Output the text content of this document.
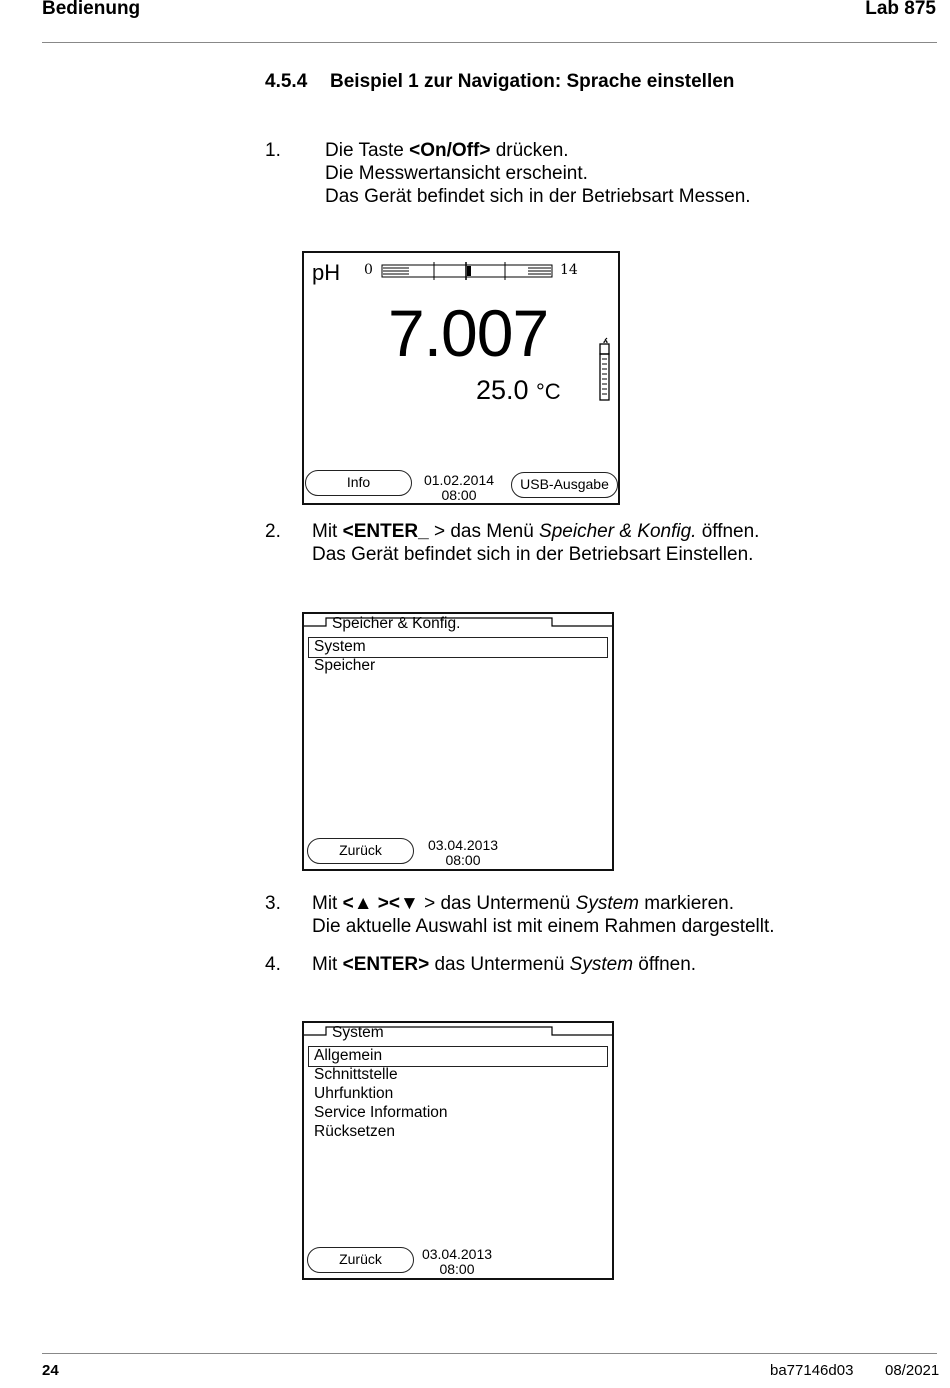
Bedienung	Lab 875
4.5.4 Beispiel 1 zur Navigation: Sprache einstellen
1. Die Taste <On/Off> drücken.
Die Messwertansicht erscheint.
Das Gerät befindet sich in der Betriebsart Messen.
pH 0	14
7.007
25.0 °C
Info	01.02.2014
08:00
USB-Ausgabe
2. Mit <ENTER_ > das Menü Speicher & Konfig. öffnen.
Das Gerät befindet sich in der Betriebsart Einstellen.
Speicher & Konfig.
System
Speicher
Zurück	03.04.2013
08:00
3. Mit <▲ ><▼ > das Untermenü System markieren.
Die aktuelle Auswahl ist mit einem Rahmen dargestellt.
4. Mit <ENTER> das Untermenü System öffnen.
System
Allgemein
Schnittstelle
Uhrfunktion
Service Information
Rücksetzen
Zurück	03.04.2013
08:00
24	ba77146d03 08/2021
